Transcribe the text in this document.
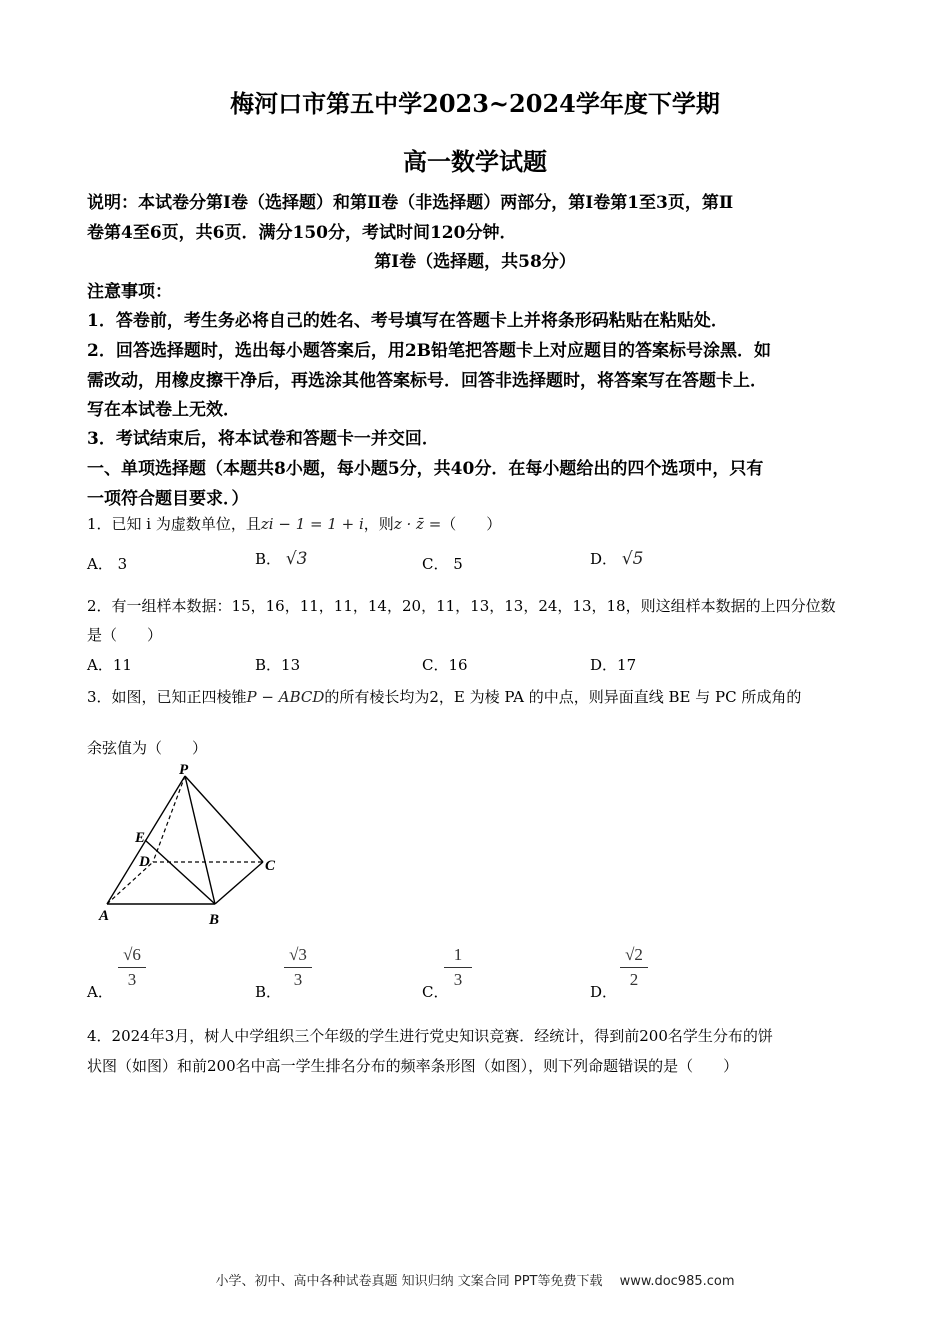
梅河口市第五中学2023~2024学年度下学期
高一数学试题
说明：本试卷分第Ⅰ卷（选择题）和第Ⅱ卷（非选择题）两部分，第Ⅰ卷第1至3页，第Ⅱ
卷第4至6页，共6页．满分150分，考试时间120分钟．
第Ⅰ卷（选择题，共58分）
注意事项：
1．答卷前，考生务必将自己的姓名、考号填写在答题卡上并将条形码粘贴在粘贴处．
2．回答选择题时，选出每小题答案后，用2B铅笔把答题卡上对应题目的答案标号涂黑．如
需改动，用橡皮擦干净后，再选涂其他答案标号．回答非选择题时，将答案写在答题卡上．
写在本试卷上无效．
3．考试结束后，将本试卷和答题卡一并交回．
一、单项选择题（本题共8小题，每小题5分，共40分．在每小题给出的四个选项中，只有
一项符合题目要求．）
1．已知 i 为虚数单位，且zi − 1 = 1 + i，则z · z̄ =（　　）
A． 3	B． √3	C． 5	D． √5
2．有一组样本数据：15，16，11，11，14，20，11，13，13，24，13，18，则这组样本数据的上四分位数
是（　　）
A．11	B．13	C．16	D．17
3．如图，已知正四棱锥P − ABCD的所有棱长均为2，E 为棱 PA 的中点，则异面直线 BE 与 PC 所成角的
余弦值为（　　）
P
E
D	C
A	B
A．
√6
3
B．
√3
3
C．
1
3
D．
√2
2
4．2024年3月，树人中学组织三个年级的学生进行党史知识竞赛．经统计，得到前200名学生分布的饼
状图（如图）和前200名中高一学生排名分布的频率条形图（如图），则下列命题错误的是（　　）
小学、初中、高中各种试卷真题 知识归纳 文案合同 PPT等免费下载　 www.doc985.com
